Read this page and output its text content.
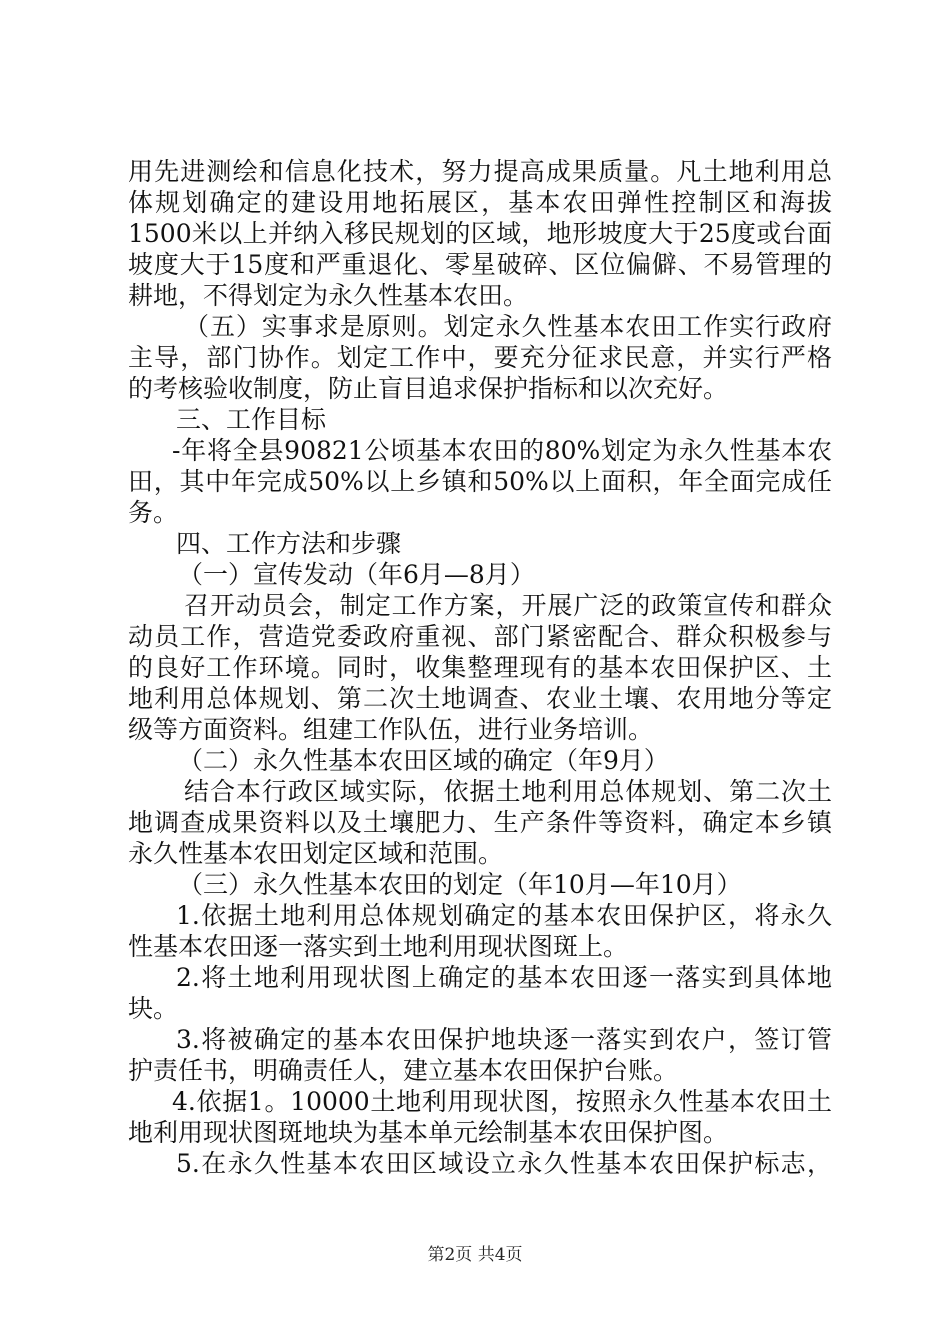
用先进测绘和信息化技术，努力提高成果质量。凡土地利用总
体规划确定的建设用地拓展区，基本农田弹性控制区和海拔
1500米以上并纳入移民规划的区域，地形坡度大于25度或台面
坡度大于15度和严重退化、零星破碎、区位偏僻、不易管理的
耕地，不得划定为永久性基本农田。
（五）实事求是原则。划定永久性基本农田工作实行政府
主导，部门协作。划定工作中，要充分征求民意，并实行严格
的考核验收制度，防止盲目追求保护指标和以次充好。
三、工作目标
-年将全县90821公顷基本农田的80%划定为永久性基本农
田，其中年完成50%以上乡镇和50%以上面积，年全面完成任
务。
四、工作方法和步骤
（一）宣传发动（年6月—8月）
召开动员会，制定工作方案，开展广泛的政策宣传和群众
动员工作，营造党委政府重视、部门紧密配合、群众积极参与
的良好工作环境。同时，收集整理现有的基本农田保护区、土
地利用总体规划、第二次土地调查、农业土壤、农用地分等定
级等方面资料。组建工作队伍，进行业务培训。
（二）永久性基本农田区域的确定（年9月）
结合本行政区域实际，依据土地利用总体规划、第二次土
地调查成果资料以及土壤肥力、生产条件等资料，确定本乡镇
永久性基本农田划定区域和范围。
（三）永久性基本农田的划定（年10月—年10月）
1.依据土地利用总体规划确定的基本农田保护区，将永久
性基本农田逐一落实到土地利用现状图斑上。
2.将土地利用现状图上确定的基本农田逐一落实到具体地
块。
3.将被确定的基本农田保护地块逐一落实到农户，签订管
护责任书，明确责任人，建立基本农田保护台账。
4.依据1。10000土地利用现状图，按照永久性基本农田土
地利用现状图斑地块为基本单元绘制基本农田保护图。
5.在永久性基本农田区域设立永久性基本农田保护标志，
第2页 共4页
